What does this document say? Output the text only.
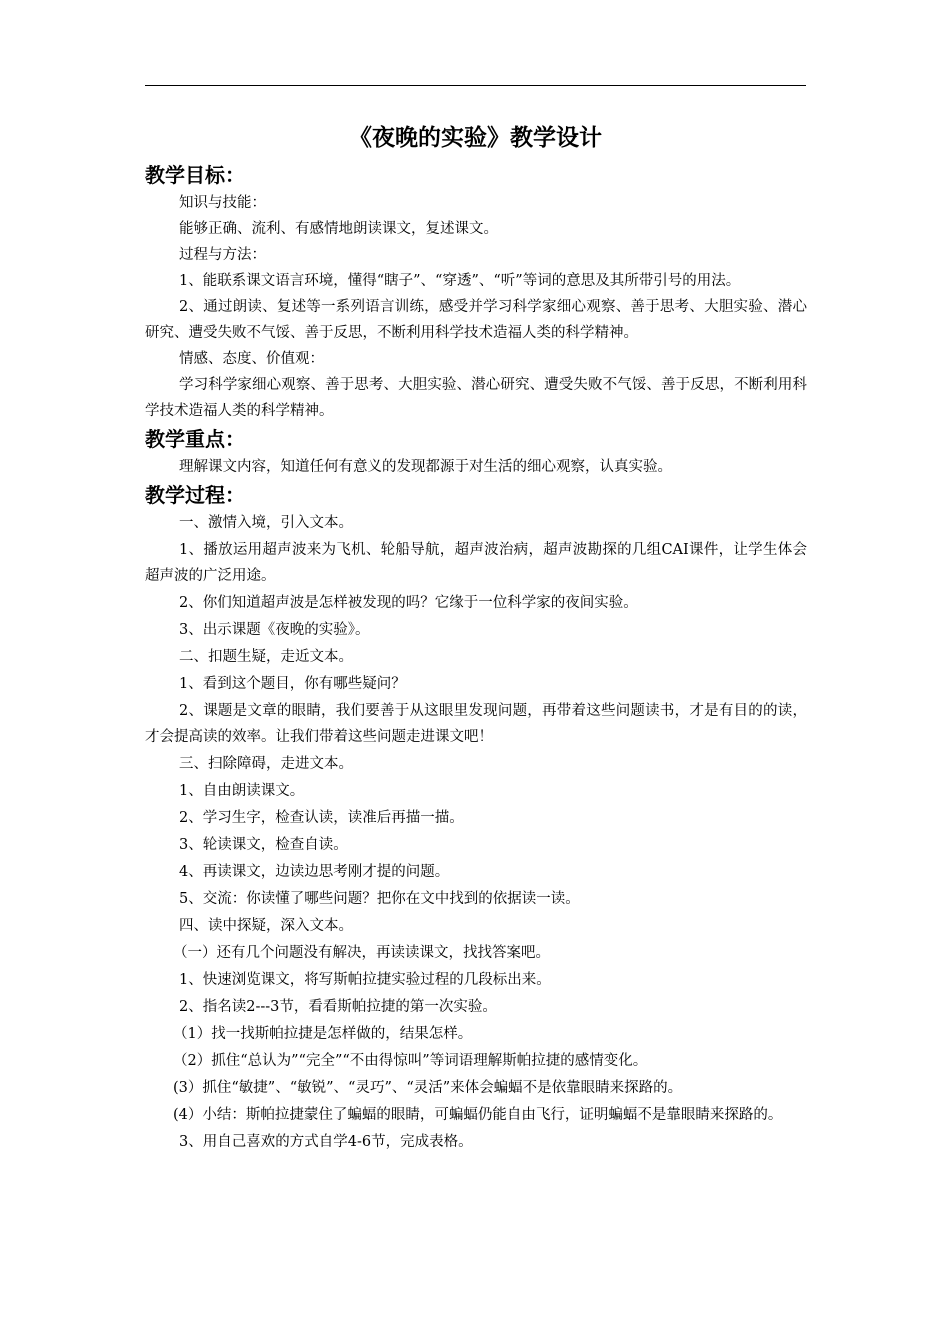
《夜晚的实验》教学设计
教学目标：

知识与技能：

能够正确、流利、有感情地朗读课文，复述课文。

过程与方法：

1、能联系课文语言环境，懂得“瞎子”、“穿透”、“听”等词的意思及其所带引号的用法。

2、通过朗读、复述等一系列语言训练，感受并学习科学家细心观察、善于思考、大胆实验、潜心研究、遭受失败不气馁、善于反思，不断利用科学技术造福人类的科学精神。

情感、态度、价值观：

学习科学家细心观察、善于思考、大胆实验、潜心研究、遭受失败不气馁、善于反思，不断利用科学技术造福人类的科学精神。

教学重点：

理解课文内容，知道任何有意义的发现都源于对生活的细心观察，认真实验。

教学过程：

一、激情入境，引入文本。

1、播放运用超声波来为飞机、轮船导航，超声波治病，超声波勘探的几组CAI课件，让学生体会超声波的广泛用途。

2、你们知道超声波是怎样被发现的吗？它缘于一位科学家的夜间实验。

3、出示课题《夜晚的实验》。

二、扣题生疑，走近文本。

1、看到这个题目，你有哪些疑问？

2、课题是文章的眼睛，我们要善于从这眼里发现问题，再带着这些问题读书，才是有目的的读，才会提高读的效率。让我们带着这些问题走进课文吧！

三、扫除障碍，走进文本。

1、自由朗读课文。

2、学习生字，检查认读，读准后再描一描。

3、轮读课文，检查自读。

4、再读课文，边读边思考刚才提的问题。

5、交流：你读懂了哪些问题？把你在文中找到的依据读一读。

四、读中探疑，深入文本。

（一）还有几个问题没有解决，再读读课文，找找答案吧。

1、快速浏览课文，将写斯帕拉捷实验过程的几段标出来。

2、指名读2---3节，看看斯帕拉捷的第一次实验。

（1）找一找斯帕拉捷是怎样做的，结果怎样。

（2）抓住“总认为”“完全”“不由得惊叫”等词语理解斯帕拉捷的感情变化。

(3）抓住“敏捷”、“敏锐”、“灵巧”、“灵活”来体会蝙蝠不是依靠眼睛来探路的。

(4）小结：斯帕拉捷蒙住了蝙蝠的眼睛，可蝙蝠仍能自由飞行，证明蝙蝠不是靠眼睛来探路的。

3、用自己喜欢的方式自学4-6节，完成表格。
